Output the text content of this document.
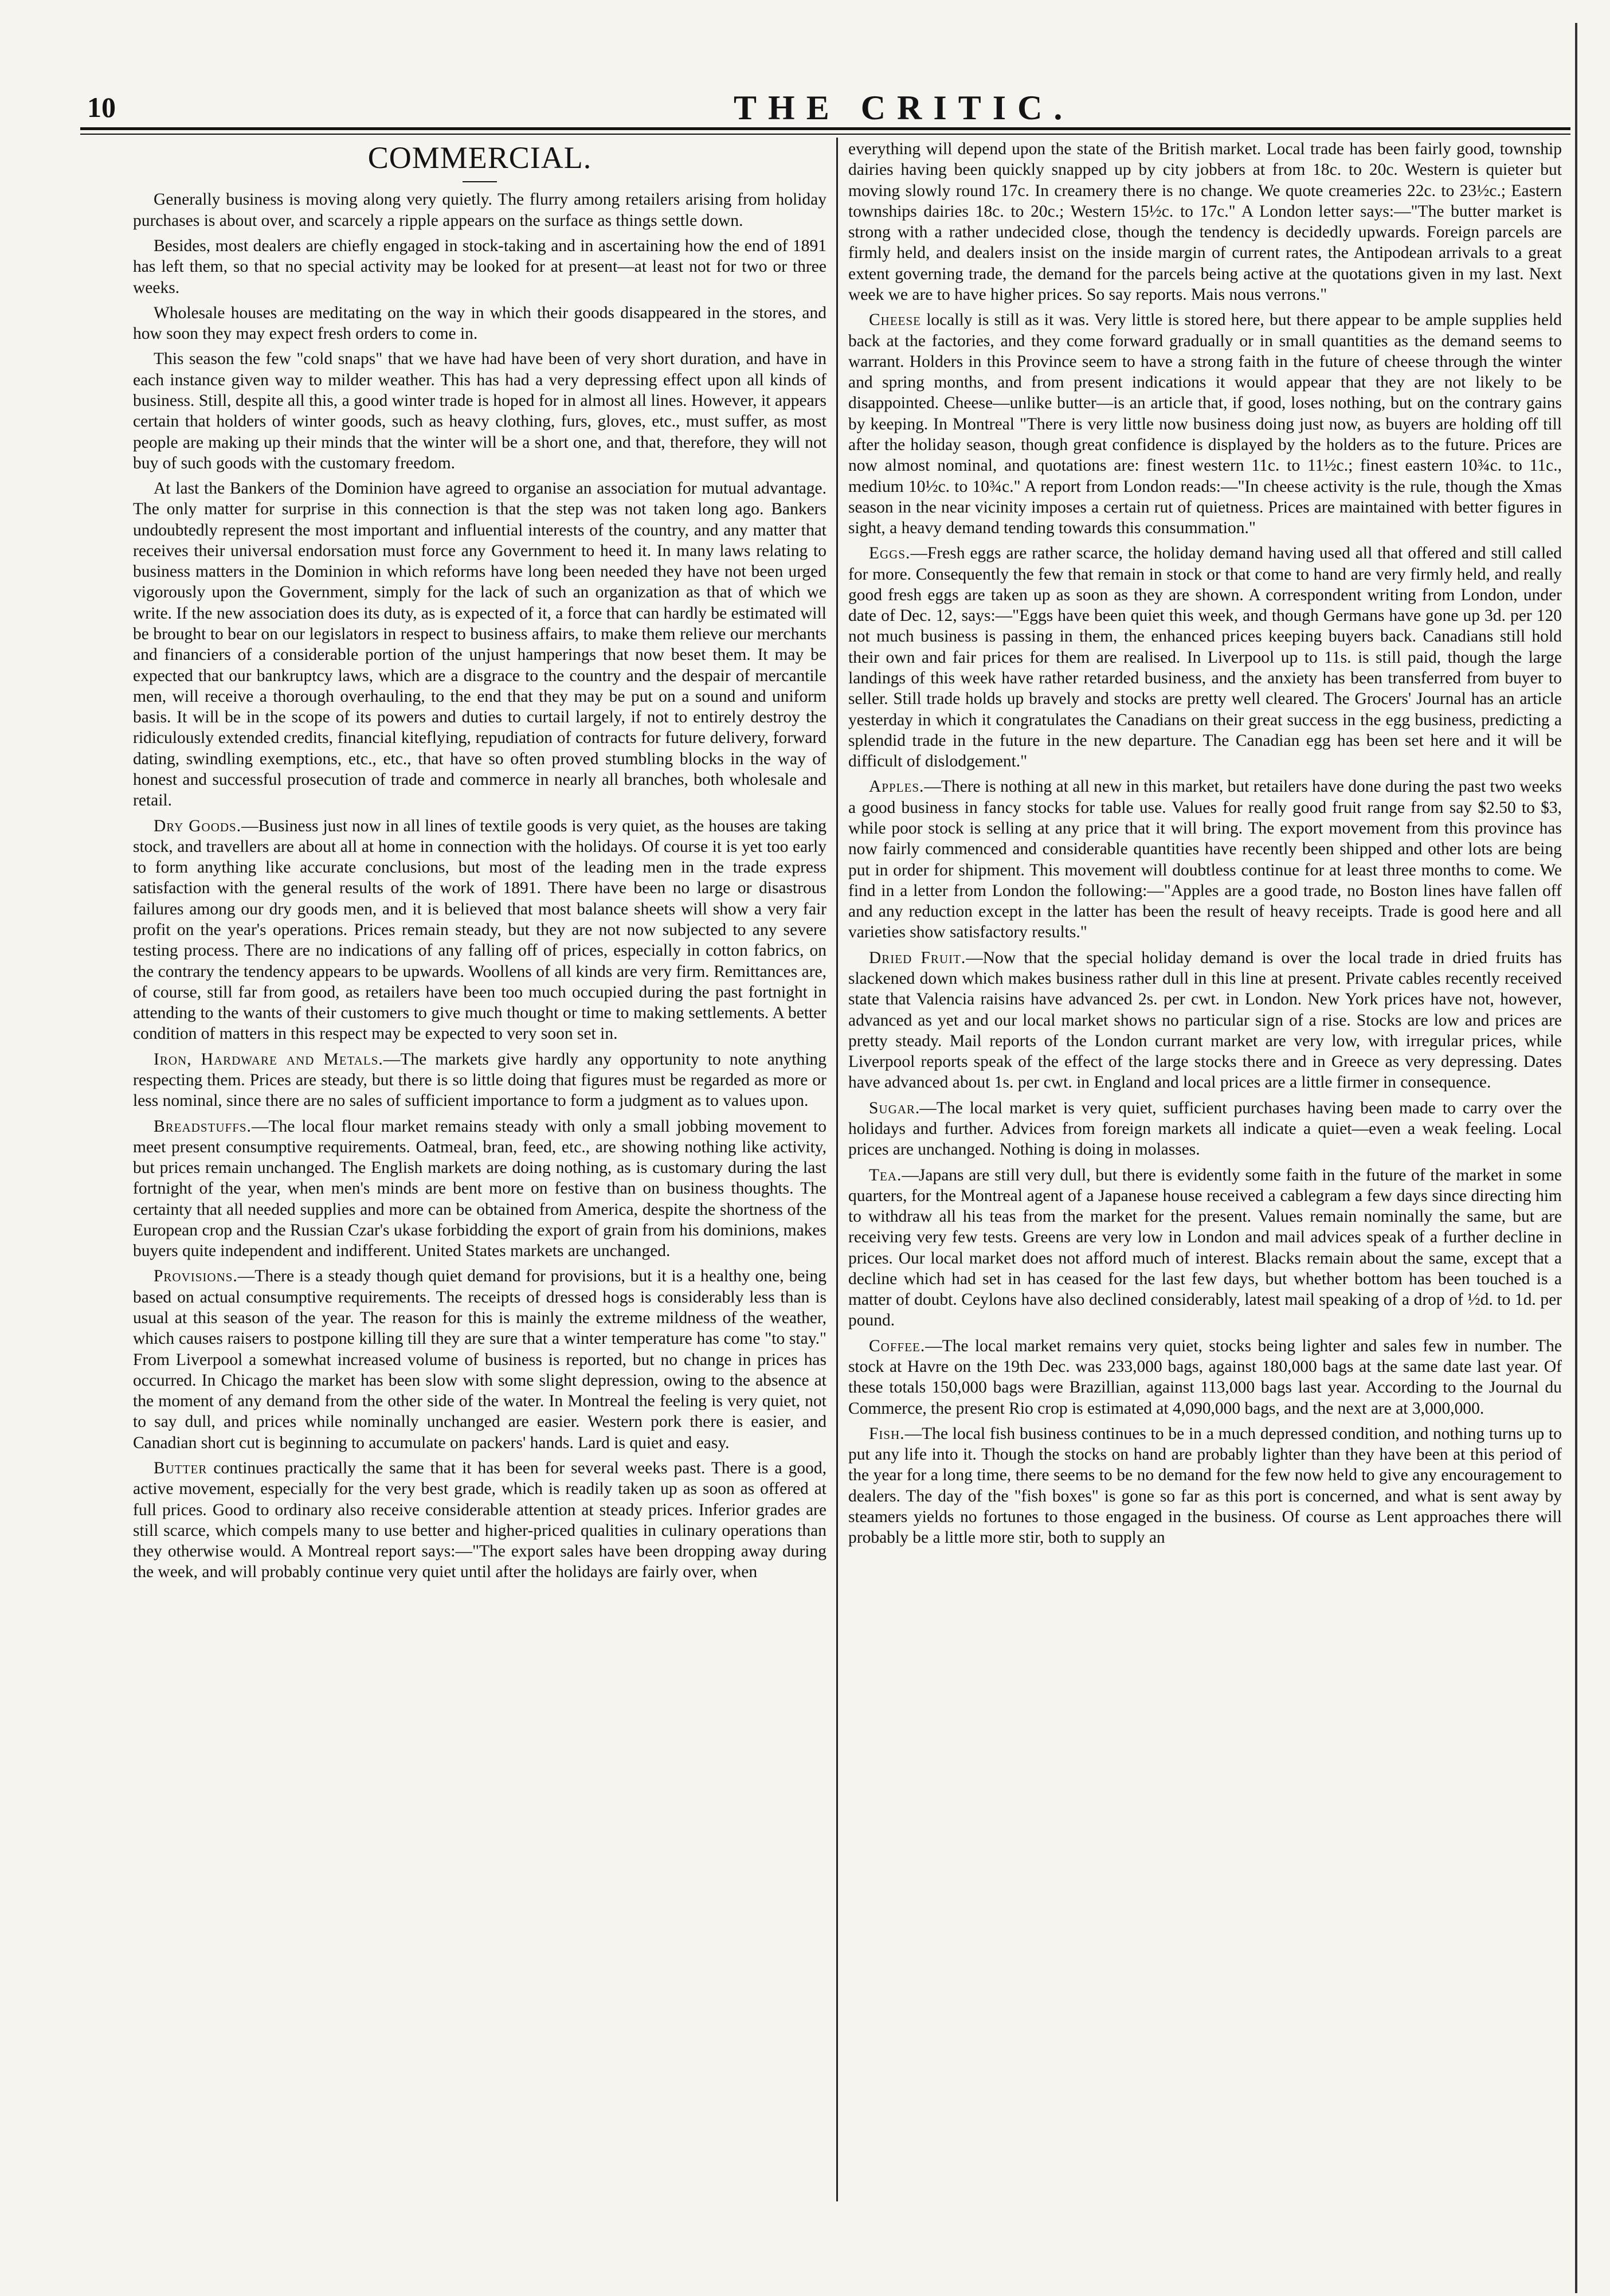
10	THE CRITIC.
COMMERCIAL.

Generally business is moving along very quietly. The flurry among retailers arising from holiday purchases is about over, and scarcely a ripple appears on the surface as things settle down.

Besides, most dealers are chiefly engaged in stock-taking and in ascertaining how the end of 1891 has left them, so that no special activity may be looked for at present—at least not for two or three weeks.

Wholesale houses are meditating on the way in which their goods disappeared in the stores, and how soon they may expect fresh orders to come in.

This season the few "cold snaps" that we have had have been of very short duration, and have in each instance given way to milder weather. This has had a very depressing effect upon all kinds of business. Still, despite all this, a good winter trade is hoped for in almost all lines. However, it appears certain that holders of winter goods, such as heavy clothing, furs, gloves, etc., must suffer, as most people are making up their minds that the winter will be a short one, and that, therefore, they will not buy of such goods with the customary freedom.

At last the Bankers of the Dominion have agreed to organise an association for mutual advantage. The only matter for surprise in this connection is that the step was not taken long ago. Bankers undoubtedly represent the most important and influential interests of the country, and any matter that receives their universal endorsation must force any Government to heed it. In many laws relating to business matters in the Dominion in which reforms have long been needed they have not been urged vigorously upon the Government, simply for the lack of such an organization as that of which we write. If the new association does its duty, as is expected of it, a force that can hardly be estimated will be brought to bear on our legislators in respect to business affairs, to make them relieve our merchants and financiers of a considerable portion of the unjust hamperings that now beset them. It may be expected that our bankruptcy laws, which are a disgrace to the country and the despair of mercantile men, will receive a thorough overhauling, to the end that they may be put on a sound and uniform basis. It will be in the scope of its powers and duties to curtail largely, if not to entirely destroy the ridiculously extended credits, financial kiteflying, repudiation of contracts for future delivery, forward dating, swindling exemptions, etc., etc., that have so often proved stumbling blocks in the way of honest and successful prosecution of trade and commerce in nearly all branches, both wholesale and retail.

Dry Goods.—Business just now in all lines of textile goods is very quiet, as the houses are taking stock, and travellers are about all at home in connection with the holidays. Of course it is yet too early to form anything like accurate conclusions, but most of the leading men in the trade express satisfaction with the general results of the work of 1891. There have been no large or disastrous failures among our dry goods men, and it is believed that most balance sheets will show a very fair profit on the year's operations. Prices remain steady, but they are not now subjected to any severe testing process. There are no indications of any falling off of prices, especially in cotton fabrics, on the contrary the tendency appears to be upwards. Woollens of all kinds are very firm. Remittances are, of course, still far from good, as retailers have been too much occupied during the past fortnight in attending to the wants of their customers to give much thought or time to making settlements. A better condition of matters in this respect may be expected to very soon set in.

Iron, Hardware and Metals.—The markets give hardly any opportunity to note anything respecting them. Prices are steady, but there is so little doing that figures must be regarded as more or less nominal, since there are no sales of sufficient importance to form a judgment as to values upon.

Breadstuffs.—The local flour market remains steady with only a small jobbing movement to meet present consumptive requirements. Oatmeal, bran, feed, etc., are showing nothing like activity, but prices remain unchanged. The English markets are doing nothing, as is customary during the last fortnight of the year, when men's minds are bent more on festive than on business thoughts. The certainty that all needed supplies and more can be obtained from America, despite the shortness of the European crop and the Russian Czar's ukase forbidding the export of grain from his dominions, makes buyers quite independent and indifferent. United States markets are unchanged.

Provisions.—There is a steady though quiet demand for provisions, but it is a healthy one, being based on actual consumptive requirements. The receipts of dressed hogs is considerably less than is usual at this season of the year. The reason for this is mainly the extreme mildness of the weather, which causes raisers to postpone killing till they are sure that a winter temperature has come "to stay." From Liverpool a somewhat increased volume of business is reported, but no change in prices has occurred. In Chicago the market has been slow with some slight depression, owing to the absence at the moment of any demand from the other side of the water. In Montreal the feeling is very quiet, not to say dull, and prices while nominally unchanged are easier. Western pork there is easier, and Canadian short cut is beginning to accumulate on packers' hands. Lard is quiet and easy.

Butter continues practically the same that it has been for several weeks past. There is a good, active movement, especially for the very best grade, which is readily taken up as soon as offered at full prices. Good to ordinary also receive considerable attention at steady prices. Inferior grades are still scarce, which compels many to use better and higher-priced qualities in culinary operations than they otherwise would. A Montreal report says:—"The export sales have been dropping away during the week, and will probably continue very quiet until after the holidays are fairly over, when

everything will depend upon the state of the British market. Local trade has been fairly good, township dairies having been quickly snapped up by city jobbers at from 18c. to 20c. Western is quieter but moving slowly round 17c. In creamery there is no change. We quote creameries 22c. to 23½c.; Eastern townships dairies 18c. to 20c.; Western 15½c. to 17c." A London letter says:—"The butter market is strong with a rather undecided close, though the tendency is decidedly upwards. Foreign parcels are firmly held, and dealers insist on the inside margin of current rates, the Antipodean arrivals to a great extent governing trade, the demand for the parcels being active at the quotations given in my last. Next week we are to have higher prices. So say reports. Mais nous verrons."

Cheese locally is still as it was. Very little is stored here, but there appear to be ample supplies held back at the factories, and they come forward gradually or in small quantities as the demand seems to warrant. Holders in this Province seem to have a strong faith in the future of cheese through the winter and spring months, and from present indications it would appear that they are not likely to be disappointed. Cheese—unlike butter—is an article that, if good, loses nothing, but on the contrary gains by keeping. In Montreal "There is very little now business doing just now, as buyers are holding off till after the holiday season, though great confidence is displayed by the holders as to the future. Prices are now almost nominal, and quotations are: finest western 11c. to 11½c.; finest eastern 10¾c. to 11c., medium 10½c. to 10¾c." A report from London reads:—"In cheese activity is the rule, though the Xmas season in the near vicinity imposes a certain rut of quietness. Prices are maintained with better figures in sight, a heavy demand tending towards this consummation."

Eggs.—Fresh eggs are rather scarce, the holiday demand having used all that offered and still called for more. Consequently the few that remain in stock or that come to hand are very firmly held, and really good fresh eggs are taken up as soon as they are shown. A correspondent writing from London, under date of Dec. 12, says:—"Eggs have been quiet this week, and though Germans have gone up 3d. per 120 not much business is passing in them, the enhanced prices keeping buyers back. Canadians still hold their own and fair prices for them are realised. In Liverpool up to 11s. is still paid, though the large landings of this week have rather retarded business, and the anxiety has been transferred from buyer to seller. Still trade holds up bravely and stocks are pretty well cleared. The Grocers' Journal has an article yesterday in which it congratulates the Canadians on their great success in the egg business, predicting a splendid trade in the future in the new departure. The Canadian egg has been set here and it will be difficult of dislodgement."

Apples.—There is nothing at all new in this market, but retailers have done during the past two weeks a good business in fancy stocks for table use. Values for really good fruit range from say $2.50 to $3, while poor stock is selling at any price that it will bring. The export movement from this province has now fairly commenced and considerable quantities have recently been shipped and other lots are being put in order for shipment. This movement will doubtless continue for at least three months to come. We find in a letter from London the following:—"Apples are a good trade, no Boston lines have fallen off and any reduction except in the latter has been the result of heavy receipts. Trade is good here and all varieties show satisfactory results."

Dried Fruit.—Now that the special holiday demand is over the local trade in dried fruits has slackened down which makes business rather dull in this line at present. Private cables recently received state that Valencia raisins have advanced 2s. per cwt. in London. New York prices have not, however, advanced as yet and our local market shows no particular sign of a rise. Stocks are low and prices are pretty steady. Mail reports of the London currant market are very low, with irregular prices, while Liverpool reports speak of the effect of the large stocks there and in Greece as very depressing. Dates have advanced about 1s. per cwt. in England and local prices are a little firmer in consequence.

Sugar.—The local market is very quiet, sufficient purchases having been made to carry over the holidays and further. Advices from foreign markets all indicate a quiet—even a weak feeling. Local prices are unchanged. Nothing is doing in molasses.

Tea.—Japans are still very dull, but there is evidently some faith in the future of the market in some quarters, for the Montreal agent of a Japanese house received a cablegram a few days since directing him to withdraw all his teas from the market for the present. Values remain nominally the same, but are receiving very few tests. Greens are very low in London and mail advices speak of a further decline in prices. Our local market does not afford much of interest. Blacks remain about the same, except that a decline which had set in has ceased for the last few days, but whether bottom has been touched is a matter of doubt. Ceylons have also declined considerably, latest mail speaking of a drop of ½d. to 1d. per pound.

Coffee.—The local market remains very quiet, stocks being lighter and sales few in number. The stock at Havre on the 19th Dec. was 233,000 bags, against 180,000 bags at the same date last year. Of these totals 150,000 bags were Brazillian, against 113,000 bags last year. According to the Journal du Commerce, the present Rio crop is estimated at 4,090,000 bags, and the next are at 3,000,000.

Fish.—The local fish business continues to be in a much depressed condition, and nothing turns up to put any life into it. Though the stocks on hand are probably lighter than they have been at this period of the year for a long time, there seems to be no demand for the few now held to give any encouragement to dealers. The day of the "fish boxes" is gone so far as this port is concerned, and what is sent away by steamers yields no fortunes to those engaged in the business. Of course as Lent approaches there will probably be a little more stir, both to supply an
